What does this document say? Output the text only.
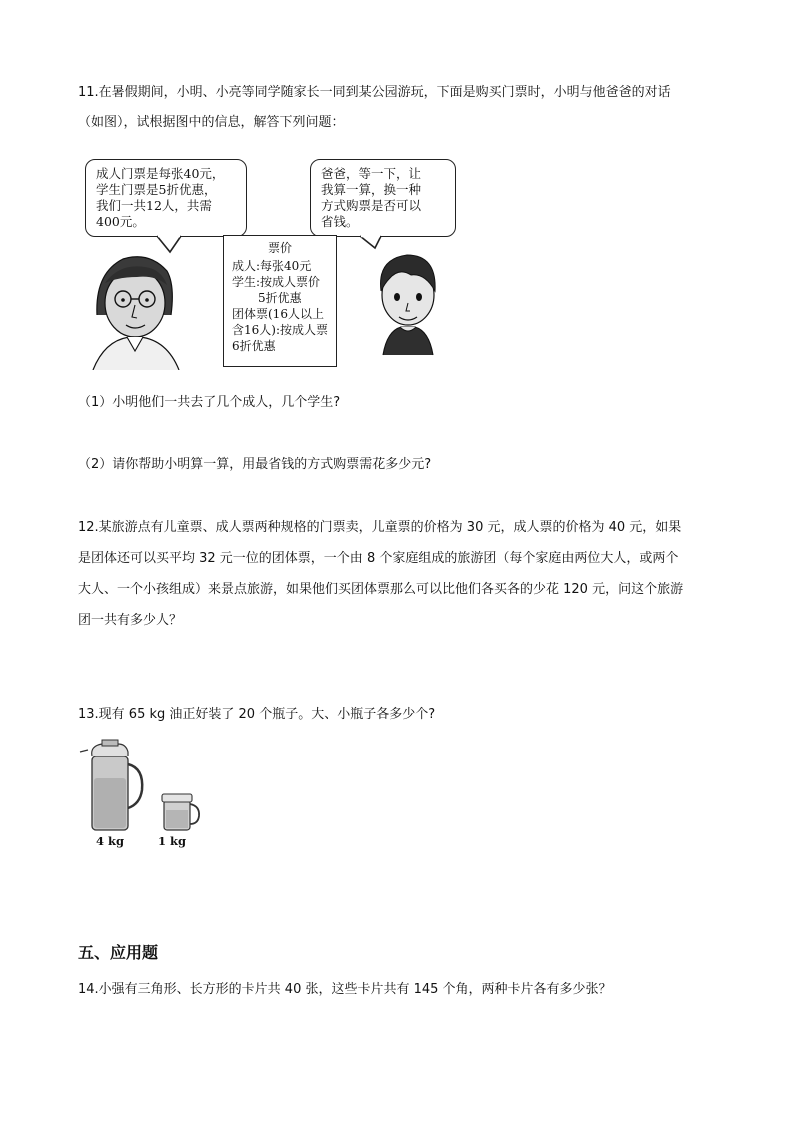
11.在暑假期间，小明、小亮等同学随家长一同到某公园游玩，下面是购买门票时，小明与他爸爸的对话
（如图），试根据图中的信息，解答下列问题：
成人门票是每张40元，
学生门票是5折优惠，
我们一共12人，共需
400元。
爸爸，等一下，让
我算一算，换一种
方式购票是否可以
省钱。
票价
成人:每张40元
学生:按成人票价
5折优惠
团体票(16人以上
含16人):按成人票
6折优惠
（1）小明他们一共去了几个成人，几个学生?
（2）请你帮助小明算一算，用最省钱的方式购票需花多少元?
12.某旅游点有儿童票、成人票两种规格的门票卖，儿童票的价格为 30 元，成人票的价格为 40 元，如果
是团体还可以买平均 32 元一位的团体票，一个由 8 个家庭组成的旅游团（每个家庭由两位大人，或两个
大人、一个小孩组成）来景点旅游，如果他们买团体票那么可以比他们各买各的少花 120 元，问这个旅游
团一共有多少人？
13.现有 65 kg 油正好装了 20 个瓶子。大、小瓶子各多少个?
4 kg	1 kg
五、应用题
14.小强有三角形、长方形的卡片共 40 张，这些卡片共有 145 个角，两种卡片各有多少张？
